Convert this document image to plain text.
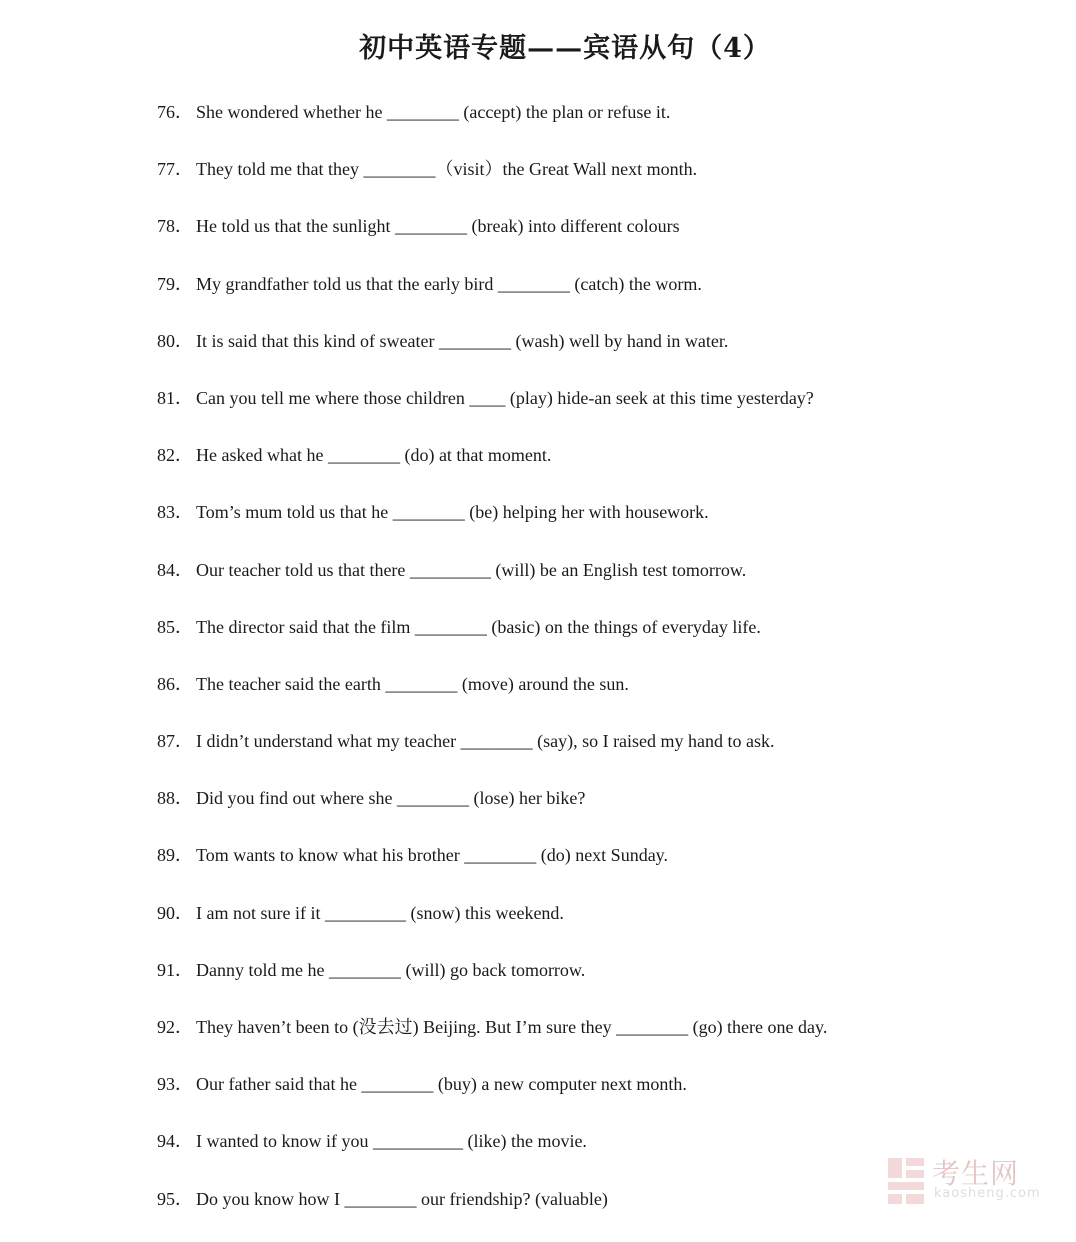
初中英语专题——宾语从句（4）
76． She wondered whether he ________ (accept) the plan or refuse it.
77． They told me that they ________（visit）the Great Wall next month.
78． He told us that the sunlight ________ (break) into different colours
79． My grandfather told us that the early bird ________ (catch) the worm.
80． It is said that this kind of sweater ________ (wash) well by hand in water.
81． Can you tell me where those children ____ (play) hide-an seek at this time yesterday?
82． He asked what he ________ (do) at that moment.
83． Tom’s mum told us that he ________ (be) helping her with housework.
84． Our teacher told us that there _________ (will) be an English test tomorrow.
85． The director said that the film ________ (basic) on the things of everyday life.
86． The teacher said the earth ________ (move) around the sun.
87． I didn’t understand what my teacher ________ (say), so I raised my hand to ask.
88． Did you find out where she ________ (lose) her bike?
89． Tom wants to know what his brother ________ (do) next Sunday.
90． I am not sure if it _________ (snow) this weekend.
91． Danny told me he ________ (will) go back tomorrow.
92． They haven’t been to (没去过) Beijing. But I’m sure they ________ (go) there one day.
93． Our father said that he ________ (buy) a new computer next month.
94． I wanted to know if you __________ (like) the movie.
95． Do you know how I ________ our friendship? (valuable)
考生网
kaosheng.com
